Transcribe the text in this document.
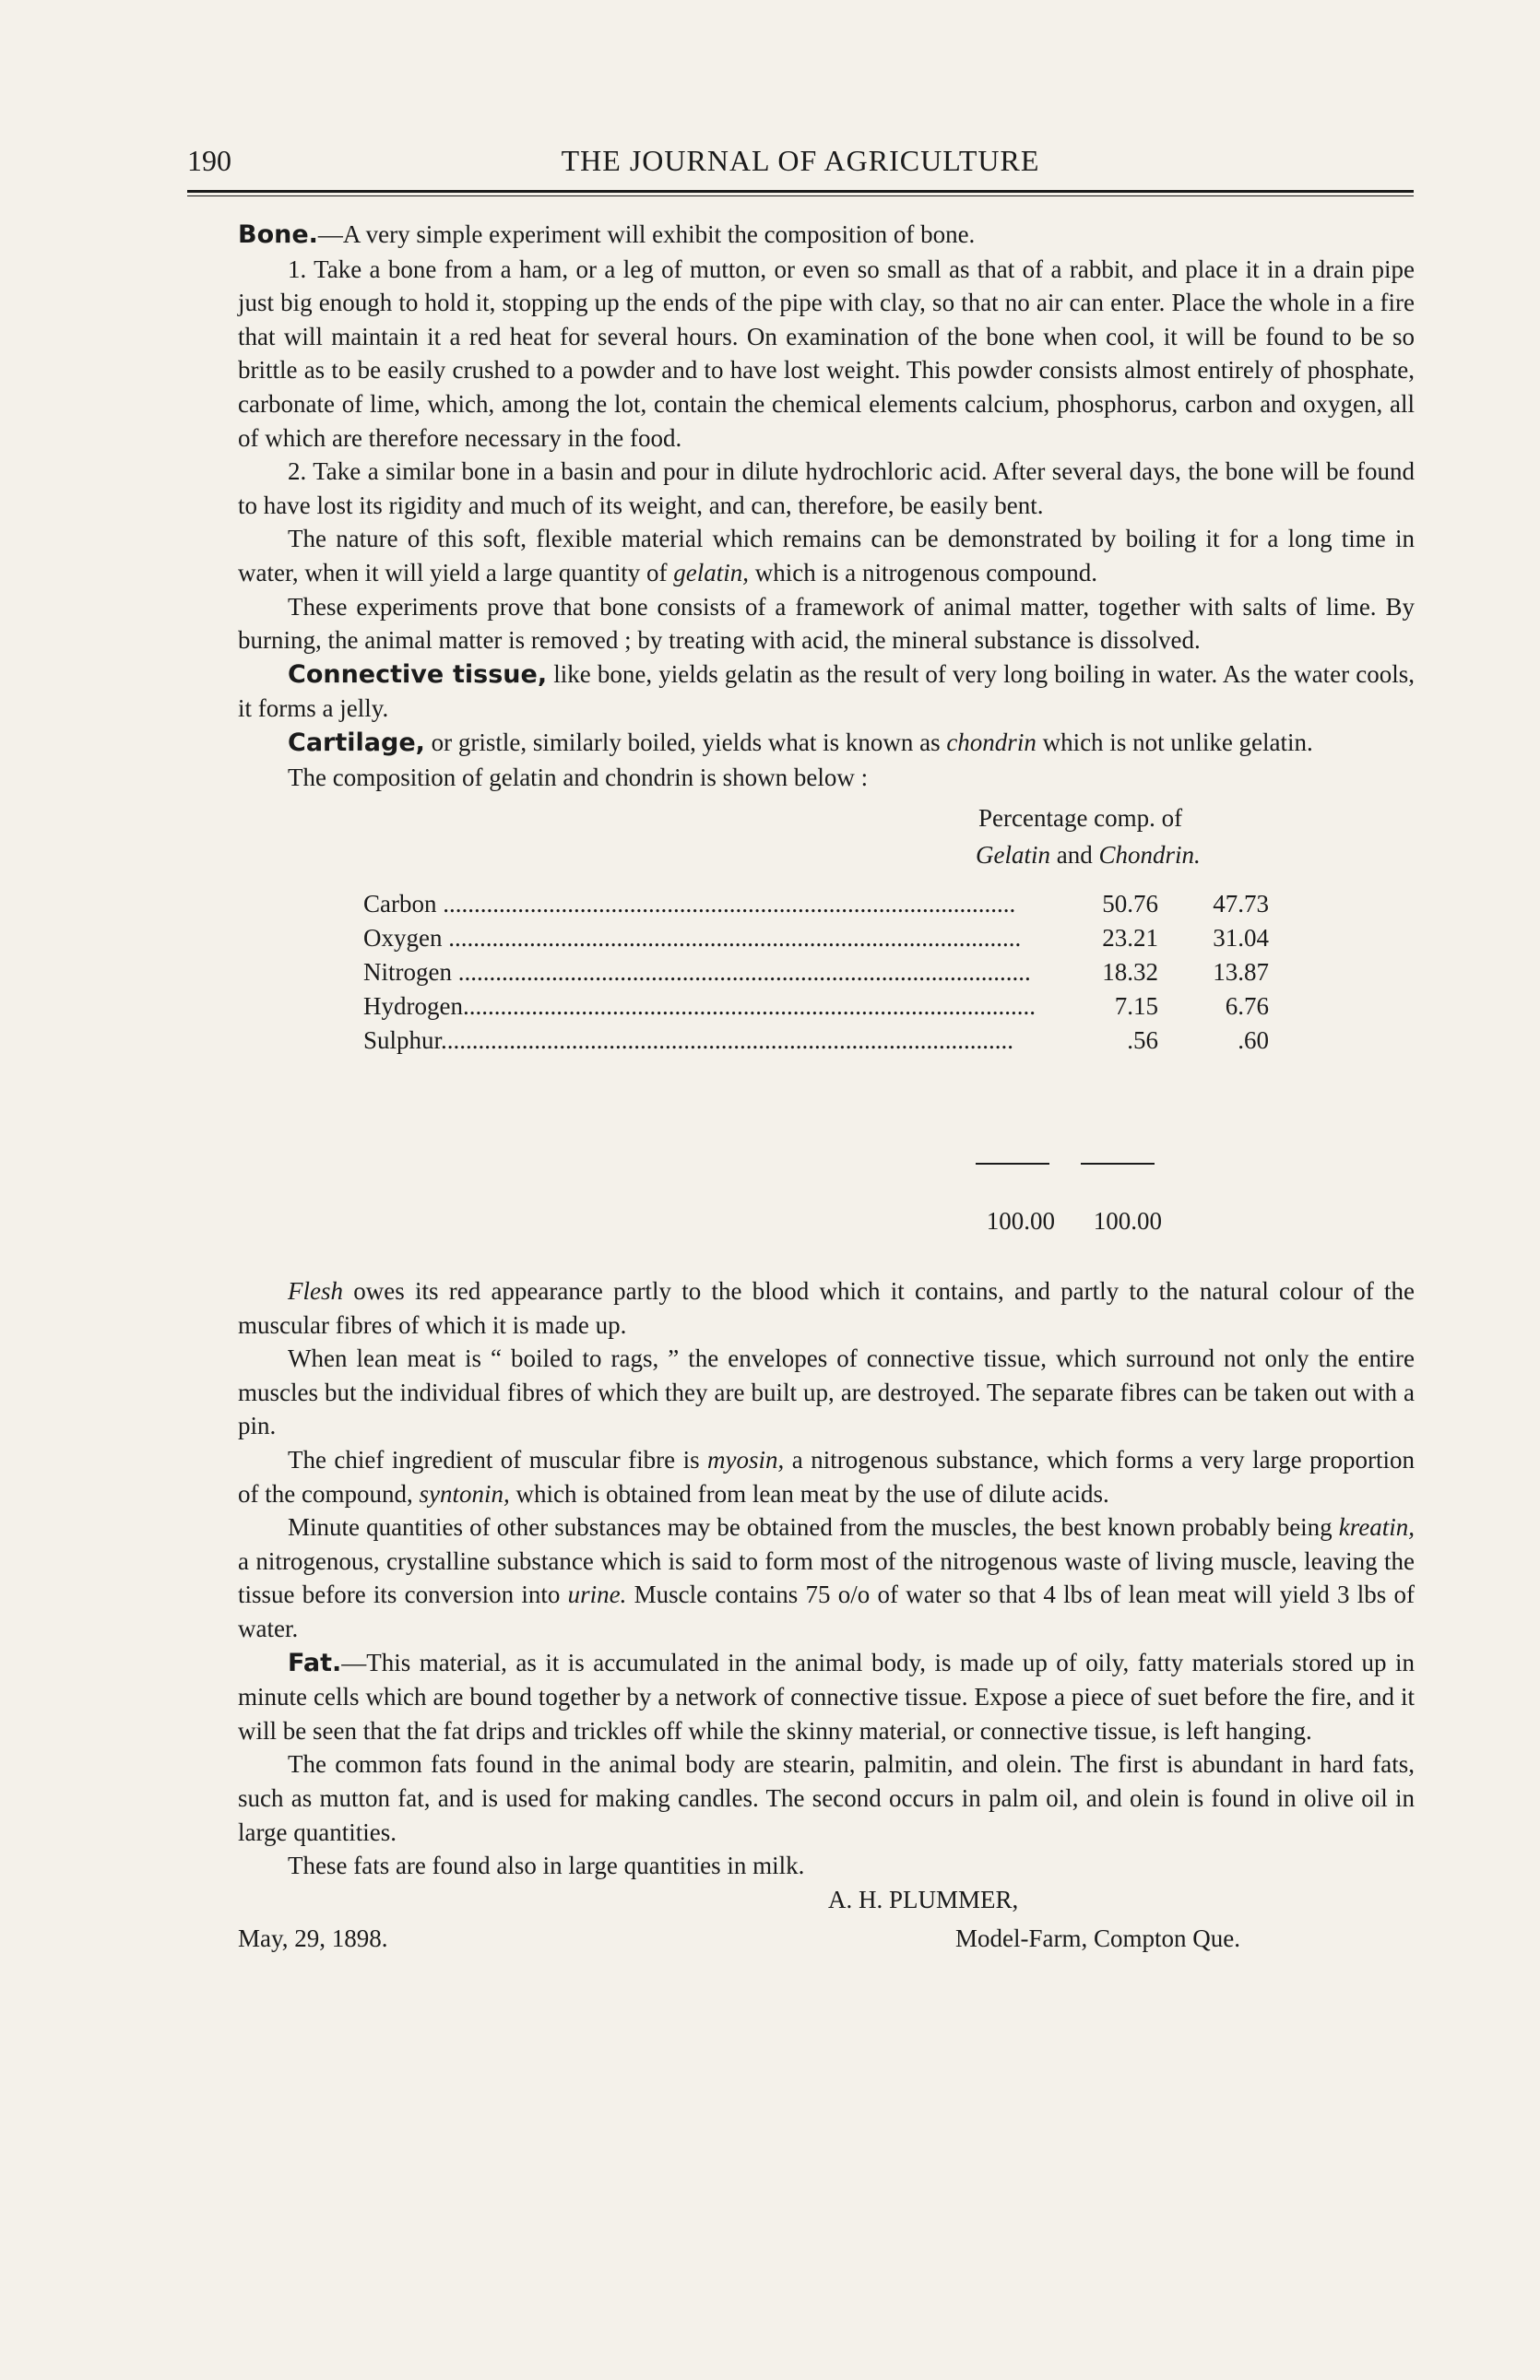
190	THE JOURNAL OF AGRICULTURE

Bone.—A very simple experiment will exhibit the composition of bone.

1. Take a bone from a ham, or a leg of mutton, or even so small as that of a rabbit, and place it in a drain pipe just big enough to hold it, stopping up the ends of the pipe with clay, so that no air can enter. Place the whole in a fire that will maintain it a red heat for several hours. On examination of the bone when cool, it will be found to be so brittle as to be easily crushed to a powder and to have lost weight. This powder consists almost entirely of phosphate, carbonate of lime, which, among the lot, contain the chemical elements calcium, phosphorus, carbon and oxygen, all of which are therefore necessary in the food.

2. Take a similar bone in a basin and pour in dilute hydrochloric acid. After several days, the bone will be found to have lost its rigidity and much of its weight, and can, therefore, be easily bent.

The nature of this soft, flexible material which remains can be demonstrated by boiling it for a long time in water, when it will yield a large quantity of gelatin, which is a nitrogenous compound.

These experiments prove that bone consists of a framework of animal matter, together with salts of lime. By burning, the animal matter is removed ; by treating with acid, the mineral substance is dissolved.

Connective tissue, like bone, yields gelatin as the result of very long boiling in water. As the water cools, it forms a jelly.

Cartilage, or gristle, similarly boiled, yields what is known as chondrin which is not unlike gelatin.

The composition of gelatin and chondrin is shown below :

Percentage comp. of
Gelatin and Chondrin.
Carbon ............................................................................................	50.76	47.73
Oxygen ............................................................................................	23.21	31.04
Nitrogen ............................................................................................	18.32	13.87
Hydrogen............................................................................................	7.15	6.76
Sulphur............................................................................................	.56	.60
100.00	100.00

Flesh owes its red appearance partly to the blood which it contains, and partly to the natural colour of the muscular fibres of which it is made up.

When lean meat is “ boiled to rags, ” the envelopes of connective tissue, which surround not only the entire muscles but the individual fibres of which they are built up, are destroyed. The separate fibres can be taken out with a pin.

The chief ingredient of muscular fibre is myosin, a nitrogenous substance, which forms a very large proportion of the compound, syntonin, which is obtained from lean meat by the use of dilute acids.

Minute quantities of other substances may be obtained from the muscles, the best known probably being kreatin, a nitrogenous, crystalline substance which is said to form most of the nitrogenous waste of living muscle, leaving the tissue before its conversion into urine. Muscle contains 75 o/o of water so that 4 lbs of lean meat will yield 3 lbs of water.

Fat.—This material, as it is accumulated in the animal body, is made up of oily, fatty materials stored up in minute cells which are bound together by a network of connective tissue. Expose a piece of suet before the fire, and it will be seen that the fat drips and trickles off while the skinny material, or connective tissue, is left hanging.

The common fats found in the animal body are stearin, palmitin, and olein. The first is abundant in hard fats, such as mutton fat, and is used for making candles. The second occurs in palm oil, and olein is found in olive oil in large quantities.

These fats are found also in large quantities in milk.

A. H. PLUMMER,
May, 29, 1898.	Model-Farm, Compton Que.
